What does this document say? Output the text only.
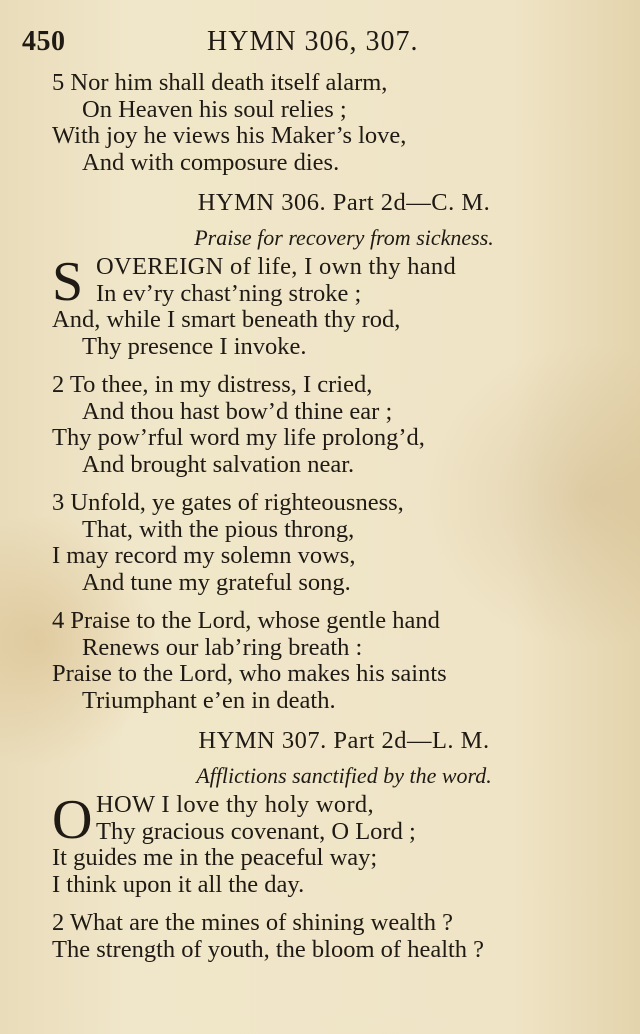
450	HYMN 306, 307.
5 Nor him shall death itself alarm,
On Heaven his soul relies ;
With joy he views his Maker’s love,
And with composure dies.
HYMN 306. Part 2d—C. M.
Praise for recovery from sickness.
S OVEREIGN of life, I own thy hand
In ev’ry chast’ning stroke ;
And, while I smart beneath thy rod,
Thy presence I invoke.
2 To thee, in my distress, I cried,
And thou hast bow’d thine ear ;
Thy pow’rful word my life prolong’d,
And brought salvation near.
3 Unfold, ye gates of righteousness,
That, with the pious throng,
I may record my solemn vows,
And tune my grateful song.
4 Praise to the Lord, whose gentle hand
Renews our lab’ring breath :
Praise to the Lord, who makes his saints
Triumphant e’en in death.
HYMN 307. Part 2d—L. M.
Afflictions sanctified by the word.
O HOW I love thy holy word,
Thy gracious covenant, O Lord ;
It guides me in the peaceful way;
I think upon it all the day.
2 What are the mines of shining wealth ?
The strength of youth, the bloom of health ?
